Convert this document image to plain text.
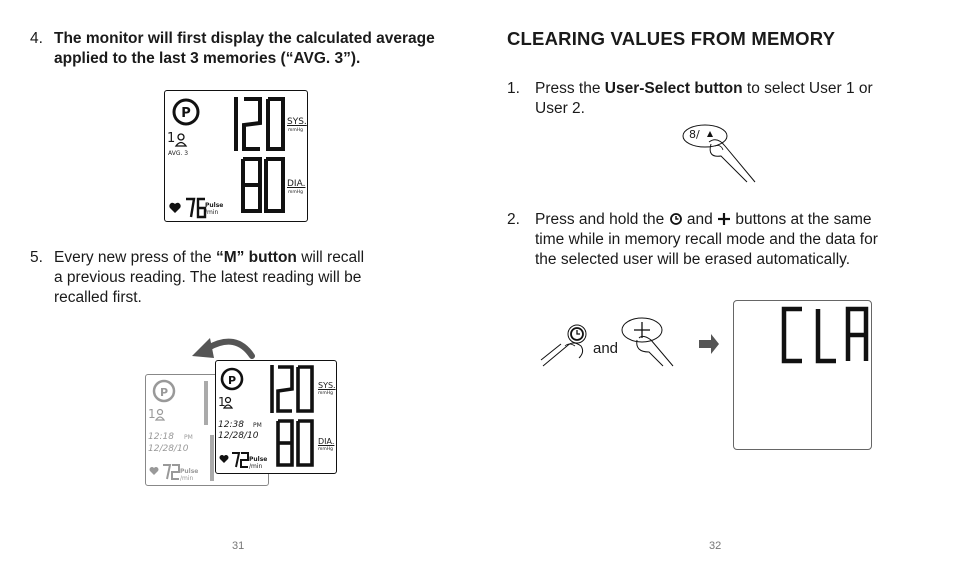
4. The monitor will first display the calculated average
applied to the last 3 memories (“AVG. 3”).
P
1
AVG. 3
SYS.
mmHg
DIA.
mmHg
Pulse
/min
5. Every new press of the “M” button will recall
a previous reading. The latest reading will be
recalled first.
P
1
12:18 PM
12/28/10
Pulse
/min
P
1
12:38 PM
12/28/10
SYS.
mmHg
DIA.
mmHg
Pulse
/min
31
CLEARING VALUES FROM MEMORY
1. Press the User-Select button to select User 1 or
User 2.
8/
2. Press and hold the  and  buttons at the same
time while in memory recall mode and the data for
the selected user will be erased automatically.
and
32
